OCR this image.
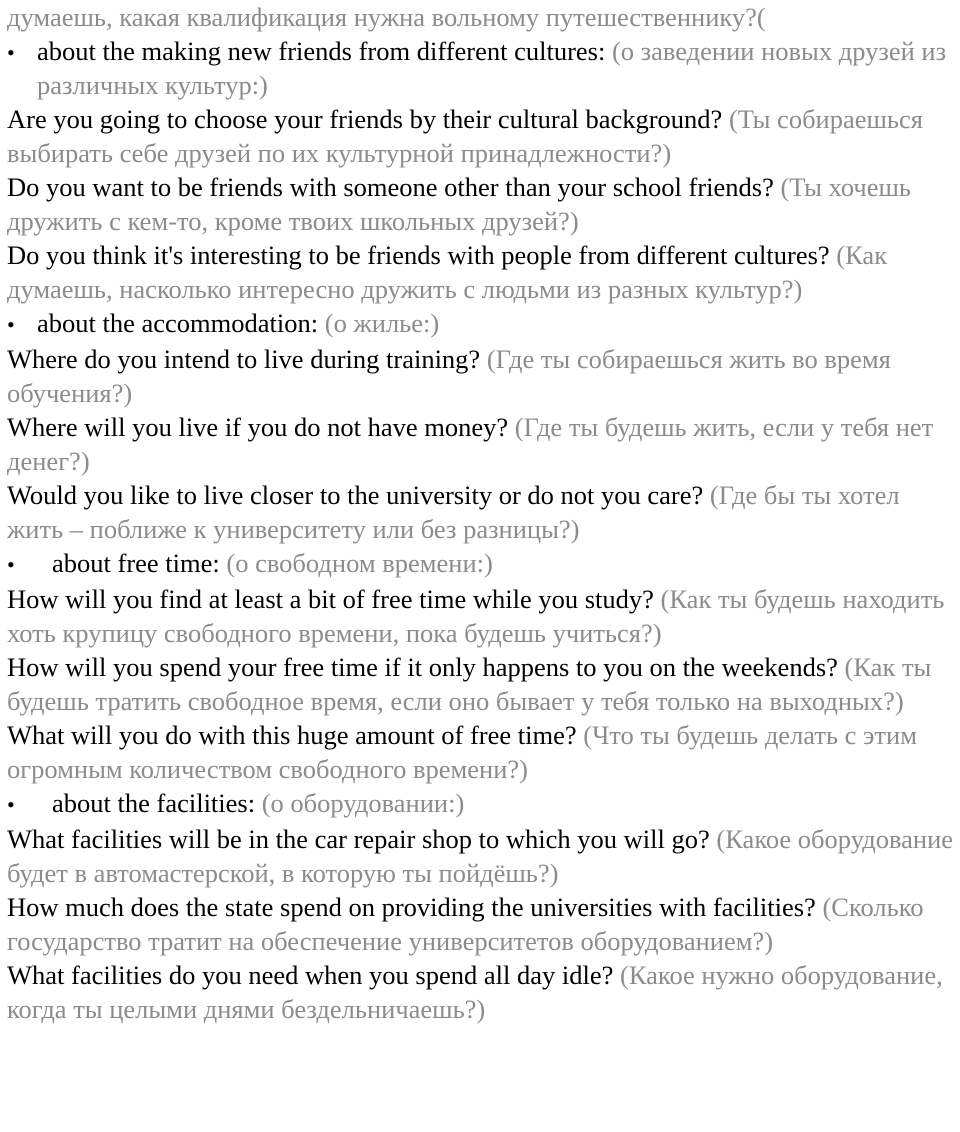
думаешь, какая квалификация нужна вольному путешественнику?(

• about the making new friends from different cultures: (о заведении новых друзей из различных культур:)

Are you going to choose your friends by their cultural background? (Ты собираешься выбирать себе друзей по их культурной принадлежности?)

Do you want to be friends with someone other than your school friends? (Ты хочешь дружить с кем-то, кроме твоих школьных друзей?)

Do you think it's interesting to be friends with people from different cultures? (Как думаешь, насколько интересно дружить с людьми из разных культур?)

• about the accommodation: (о жилье:)

Where do you intend to live during training? (Где ты собираешься жить во время обучения?)

Where will you live if you do not have money? (Где ты будешь жить, если у тебя нет денег?)

Would you like to live closer to the university or do not you care? (Где бы ты хотел жить – поближе к университету или без разницы?)

•	about free time: (о свободном времени:)

How will you find at least a bit of free time while you study? (Как ты будешь находить хоть крупицу свободного времени, пока будешь учиться?)

How will you spend your free time if it only happens to you on the weekends? (Как ты будешь тратить свободное время, если оно бывает у тебя только на выходных?)

What will you do with this huge amount of free time? (Что ты будешь делать с этим огромным количеством свободного времени?)

•	about the facilities: (о оборудовании:)

What facilities will be in the car repair shop to which you will go? (Какое оборудование будет в автомастерской, в которую ты пойдёшь?)

How much does the state spend on providing the universities with facilities? (Сколько государство тратит на обеспечение университетов оборудованием?)

What facilities do you need when you spend all day idle? (Какое нужно оборудование, когда ты целыми днями бездельничаешь?)
